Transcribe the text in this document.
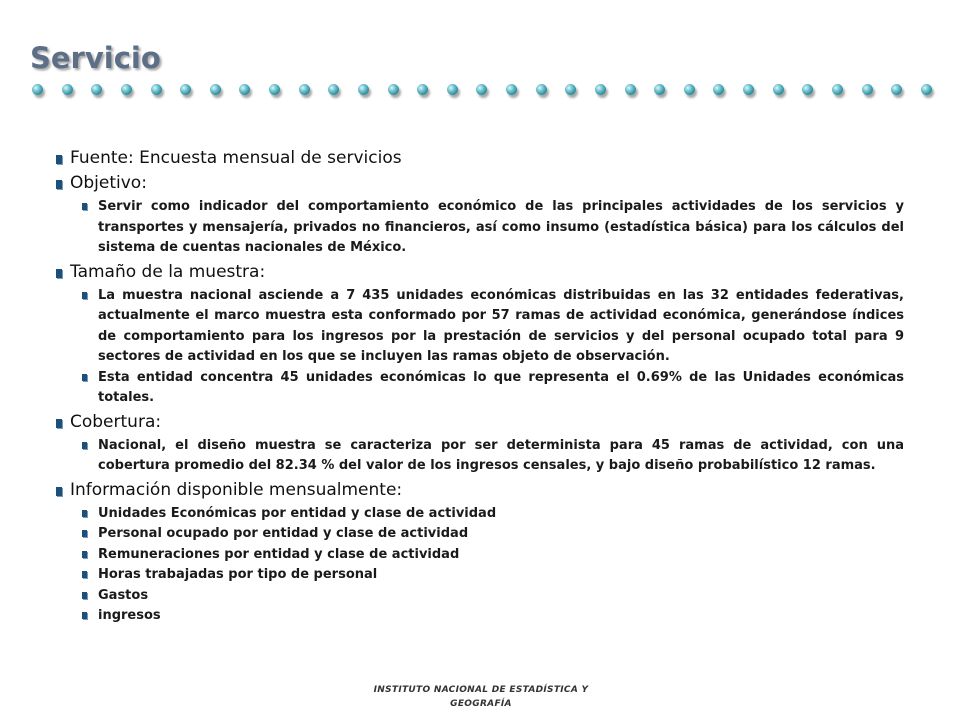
Servicio
Fuente: Encuesta mensual de servicios
Objetivo:
Servir como indicador del comportamiento económico de las principales actividades de los servicios y transportes y mensajería, privados no financieros, así como insumo (estadística básica) para los cálculos del sistema de cuentas nacionales de México.
Tamaño de la muestra:
La muestra nacional asciende a 7 435 unidades económicas distribuidas en las 32 entidades federativas, actualmente el marco muestra esta conformado por 57 ramas de actividad económica, generándose índices de comportamiento para los ingresos por la prestación de servicios y del personal ocupado total para 9 sectores de actividad en los que se incluyen las ramas objeto de observación.
Esta entidad concentra 45 unidades económicas lo que representa el 0.69% de las Unidades económicas totales.
Cobertura:
Nacional, el diseño muestra se caracteriza por ser determinista para 45 ramas de actividad, con una cobertura promedio del 82.34 % del valor de los ingresos censales, y bajo diseño probabilístico 12 ramas.
Información disponible mensualmente:
Unidades Económicas por entidad y clase de actividad
Personal ocupado por entidad y clase de actividad
Remuneraciones por entidad y clase de actividad
Horas trabajadas por tipo de personal
Gastos
ingresos
INSTITUTO NACIONAL DE ESTADÍSTICA Y GEOGRAFÍA
